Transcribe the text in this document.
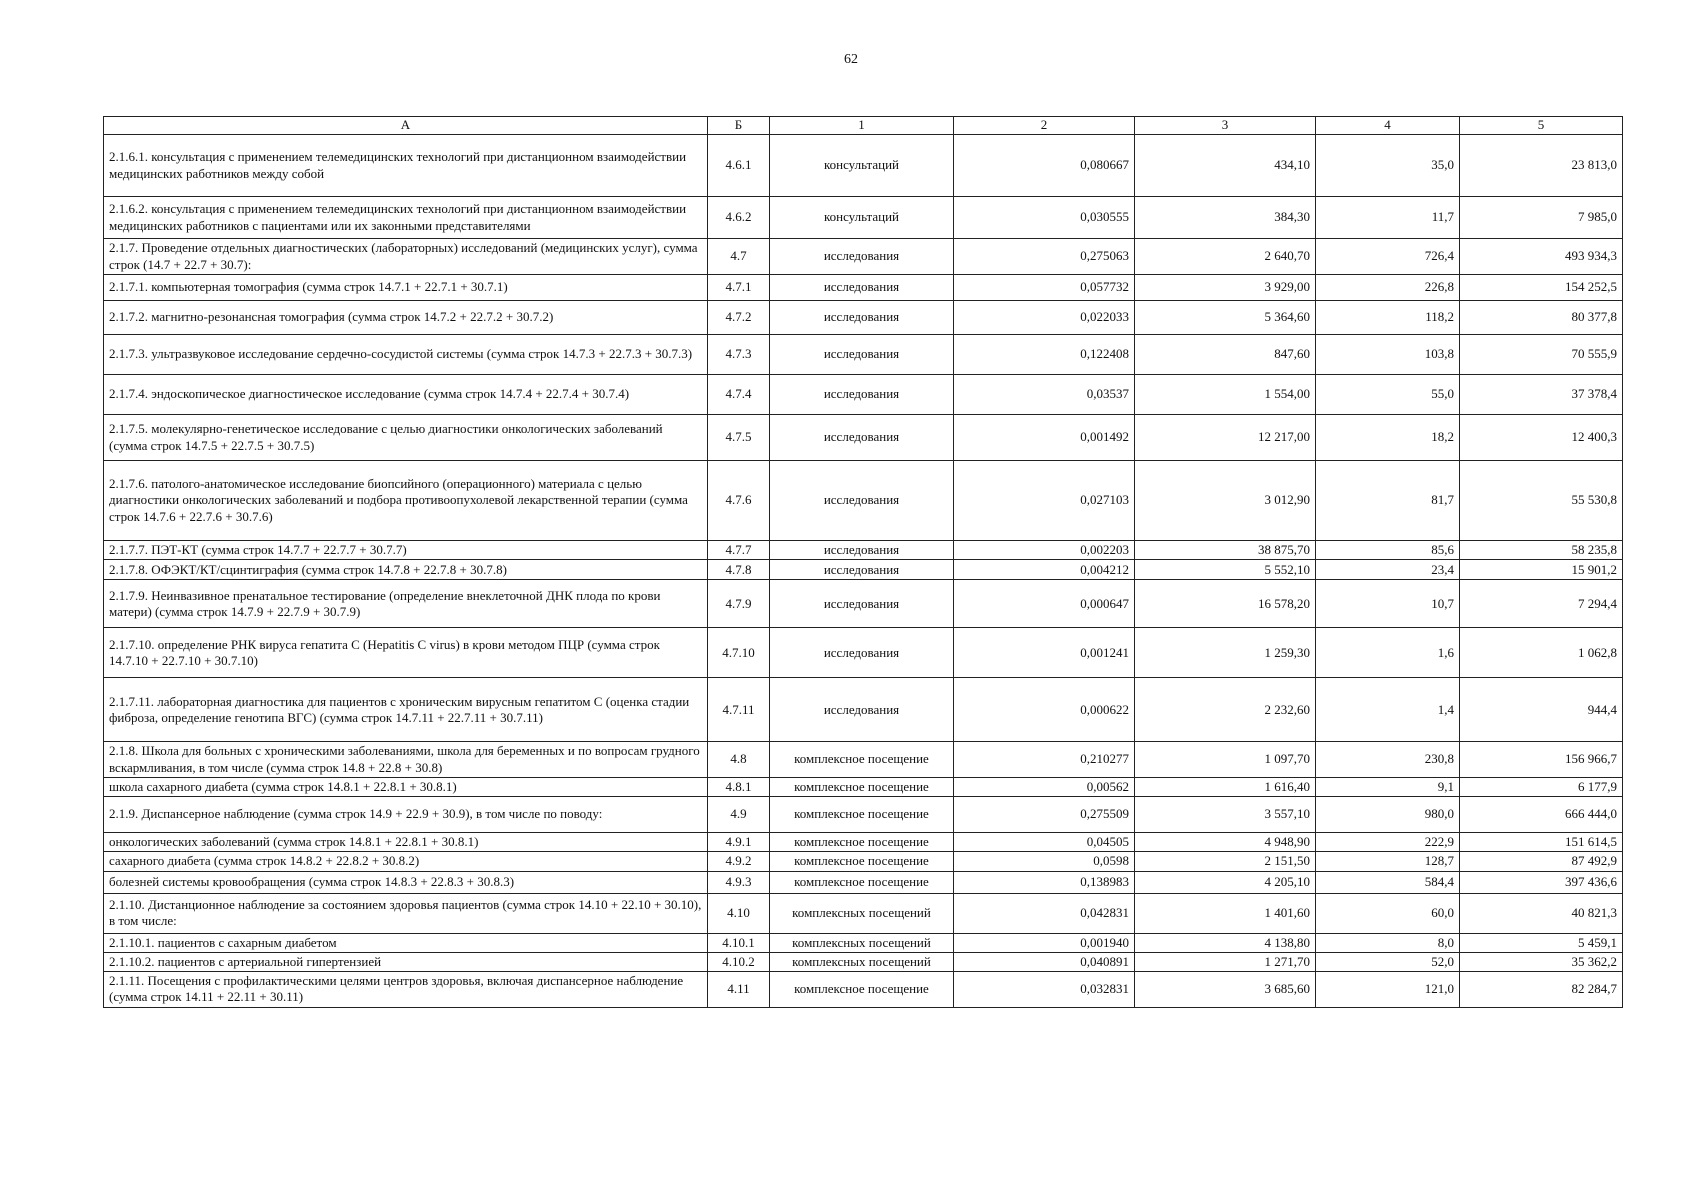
62
А	Б	1	2	3	4	5
2.1.6.1. консультация с применением телемедицинских технологий при дистанционном взаимодействии медицинских работников между собой	4.6.1	консультаций	0,080667	434,10	35,0	23 813,0
2.1.6.2. консультация с применением телемедицинских технологий при дистанционном взаимодействии медицинских работников с пациентами или их законными представителями	4.6.2	консультаций	0,030555	384,30	11,7	7 985,0
2.1.7. Проведение отдельных диагностических (лабораторных) исследований (медицинских услуг), сумма строк (14.7 + 22.7 + 30.7):	4.7	исследования	0,275063	2 640,70	726,4	493 934,3
2.1.7.1. компьютерная томография (сумма строк 14.7.1 + 22.7.1 + 30.7.1)	4.7.1	исследования	0,057732	3 929,00	226,8	154 252,5
2.1.7.2. магнитно-резонансная томография (сумма строк 14.7.2 + 22.7.2 + 30.7.2)	4.7.2	исследования	0,022033	5 364,60	118,2	80 377,8
2.1.7.3. ультразвуковое исследование сердечно-сосудистой системы (сумма строк 14.7.3 + 22.7.3 + 30.7.3)	4.7.3	исследования	0,122408	847,60	103,8	70 555,9
2.1.7.4. эндоскопическое диагностическое исследование (сумма строк 14.7.4 + 22.7.4 + 30.7.4)	4.7.4	исследования	0,03537	1 554,00	55,0	37 378,4
2.1.7.5. молекулярно-генетическое исследование с целью диагностики онкологических заболеваний (сумма строк 14.7.5 + 22.7.5 + 30.7.5)	4.7.5	исследования	0,001492	12 217,00	18,2	12 400,3
2.1.7.6. патолого-анатомическое исследование биопсийного (операционного) материала с целью диагностики онкологических заболеваний и подбора противоопухолевой лекарственной терапии (сумма строк 14.7.6 + 22.7.6 + 30.7.6)	4.7.6	исследования	0,027103	3 012,90	81,7	55 530,8
2.1.7.7. ПЭТ-КТ (сумма строк 14.7.7 + 22.7.7 + 30.7.7)	4.7.7	исследования	0,002203	38 875,70	85,6	58 235,8
2.1.7.8. ОФЭКТ/КТ/сцинтиграфия (сумма строк 14.7.8 + 22.7.8 + 30.7.8)	4.7.8	исследования	0,004212	5 552,10	23,4	15 901,2
2.1.7.9. Неинвазивное пренатальное тестирование (определение внеклеточной ДНК плода по крови матери) (сумма строк 14.7.9 + 22.7.9 + 30.7.9)	4.7.9	исследования	0,000647	16 578,20	10,7	7 294,4
2.1.7.10. определение РНК вируса гепатита С (Hepatitis C virus) в крови методом ПЦР (сумма строк 14.7.10 + 22.7.10 + 30.7.10)	4.7.10	исследования	0,001241	1 259,30	1,6	1 062,8
2.1.7.11. лабораторная диагностика для пациентов с хроническим вирусным гепатитом С (оценка стадии фиброза, определение генотипа ВГС) (сумма строк 14.7.11 + 22.7.11 + 30.7.11)	4.7.11	исследования	0,000622	2 232,60	1,4	944,4
2.1.8. Школа для больных с хроническими заболеваниями, школа для беременных и по вопросам грудного вскармливания, в том числе (сумма строк 14.8 + 22.8 + 30.8)	4.8	комплексное посещение	0,210277	1 097,70	230,8	156 966,7
школа сахарного диабета (сумма строк 14.8.1 + 22.8.1 + 30.8.1)	4.8.1	комплексное посещение	0,00562	1 616,40	9,1	6 177,9
2.1.9. Диспансерное наблюдение (сумма строк 14.9 + 22.9 + 30.9), в том числе по поводу:	4.9	комплексное посещение	0,275509	3 557,10	980,0	666 444,0
онкологических заболеваний (сумма строк 14.8.1 + 22.8.1 + 30.8.1)	4.9.1	комплексное посещение	0,04505	4 948,90	222,9	151 614,5
сахарного диабета (сумма строк 14.8.2 + 22.8.2 + 30.8.2)	4.9.2	комплексное посещение	0,0598	2 151,50	128,7	87 492,9
болезней системы кровообращения (сумма строк 14.8.3 + 22.8.3 + 30.8.3)	4.9.3	комплексное посещение	0,138983	4 205,10	584,4	397 436,6
2.1.10. Дистанционное наблюдение за состоянием здоровья пациентов (сумма строк 14.10 + 22.10 + 30.10), в том числе:	4.10	комплексных посещений	0,042831	1 401,60	60,0	40 821,3
2.1.10.1. пациентов с сахарным диабетом	4.10.1	комплексных посещений	0,001940	4 138,80	8,0	5 459,1
2.1.10.2. пациентов с артериальной гипертензией	4.10.2	комплексных посещений	0,040891	1 271,70	52,0	35 362,2
2.1.11. Посещения с профилактическими целями центров здоровья, включая диспансерное наблюдение (сумма строк 14.11 + 22.11 + 30.11)	4.11	комплексное посещение	0,032831	3 685,60	121,0	82 284,7
